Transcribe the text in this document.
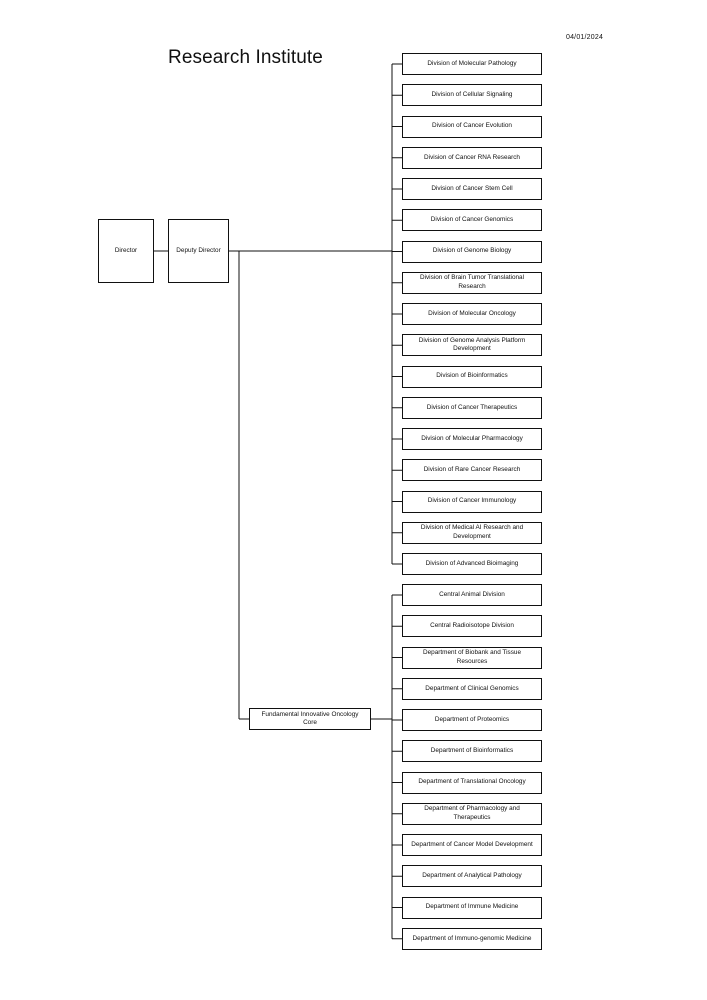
04/01/2024
Research Institute
Director	Deputy Director
Fundamental Innovative Oncology Core
Division of Molecular Pathology
Division of Cellular Signaling
Division of Cancer Evolution
Division of Cancer RNA Research
Division of Cancer Stem Cell
Division of Cancer Genomics
Division of Genome Biology
Division of Brain Tumor Translational Research
Division of Molecular Oncology
Division of Genome Analysis Platform Development
Division of Bioinformatics
Division of Cancer Therapeutics
Division of Molecular Pharmacology
Division of Rare Cancer Research
Division of Cancer Immunology
Division of Medical AI Research and Development
Division of Advanced Bioimaging
Central Animal Division
Central Radioisotope Division
Department of Biobank and Tissue Resources
Department of Clinical Genomics
Department of Proteomics
Department of Bioinformatics
Department of Translational Oncology
Department of Pharmacology and Therapeutics
Department of Cancer Model Development
Department of Analytical Pathology
Department of Immune Medicine
Department of Immuno-genomic Medicine
